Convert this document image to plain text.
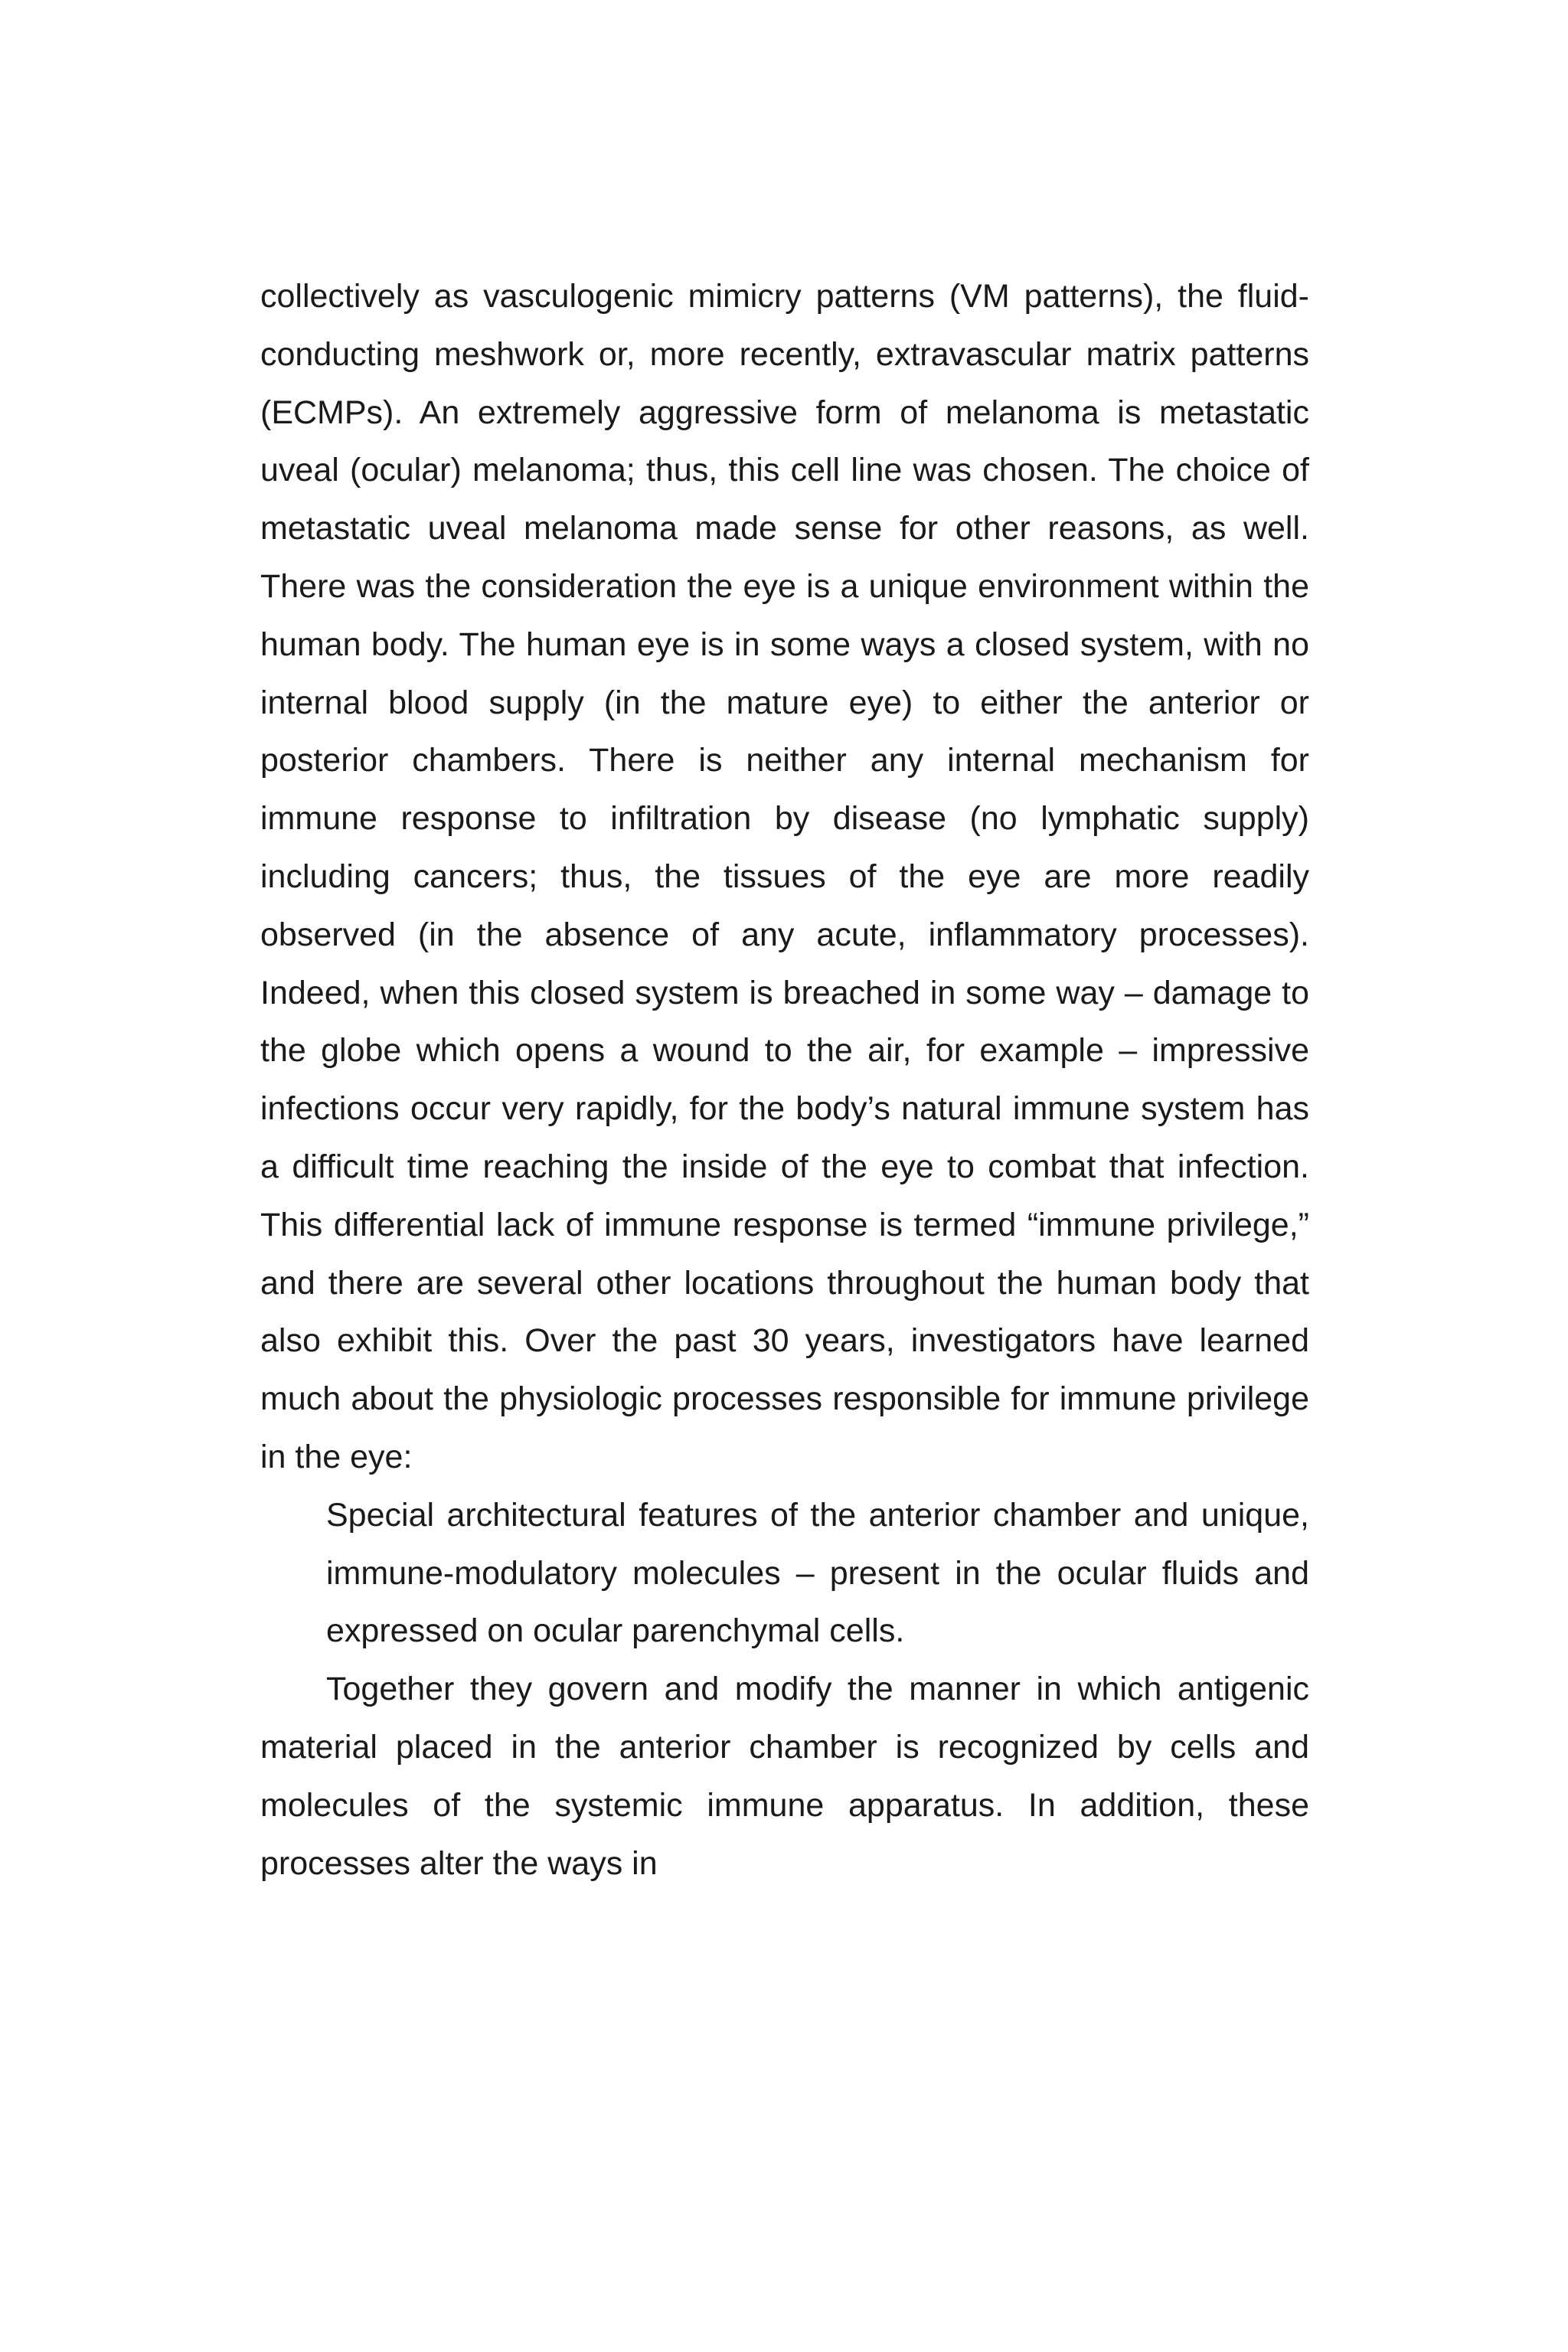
collectively as vasculogenic mimicry patterns (VM patterns), the fluid-conducting meshwork or, more recently, extravascular matrix patterns (ECMPs). An extremely aggressive form of melanoma is metastatic uveal (ocular) melanoma; thus, this cell line was chosen. The choice of metastatic uveal melanoma made sense for other reasons, as well. There was the consideration the eye is a unique environment within the human body. The human eye is in some ways a closed system, with no internal blood supply (in the mature eye) to either the anterior or posterior chambers. There is neither any internal mechanism for immune response to infiltration by disease (no lymphatic supply) including cancers; thus, the tissues of the eye are more readily observed (in the absence of any acute, inflammatory processes). Indeed, when this closed system is breached in some way – damage to the globe which opens a wound to the air, for example – impressive infections occur very rapidly, for the body’s natural immune system has a difficult time reaching the inside of the eye to combat that infection. This differential lack of immune response is termed “immune privilege,” and there are several other locations throughout the human body that also exhibit this. Over the past 30 years, investigators have learned much about the physiologic processes responsible for immune privilege in the eye:

Special architectural features of the anterior chamber and unique, immune-modulatory molecules – present in the ocular fluids and expressed on ocular parenchymal cells.

Together they govern and modify the manner in which antigenic material placed in the anterior chamber is recognized by cells and molecules of the systemic immune apparatus. In addition, these processes alter the ways in
